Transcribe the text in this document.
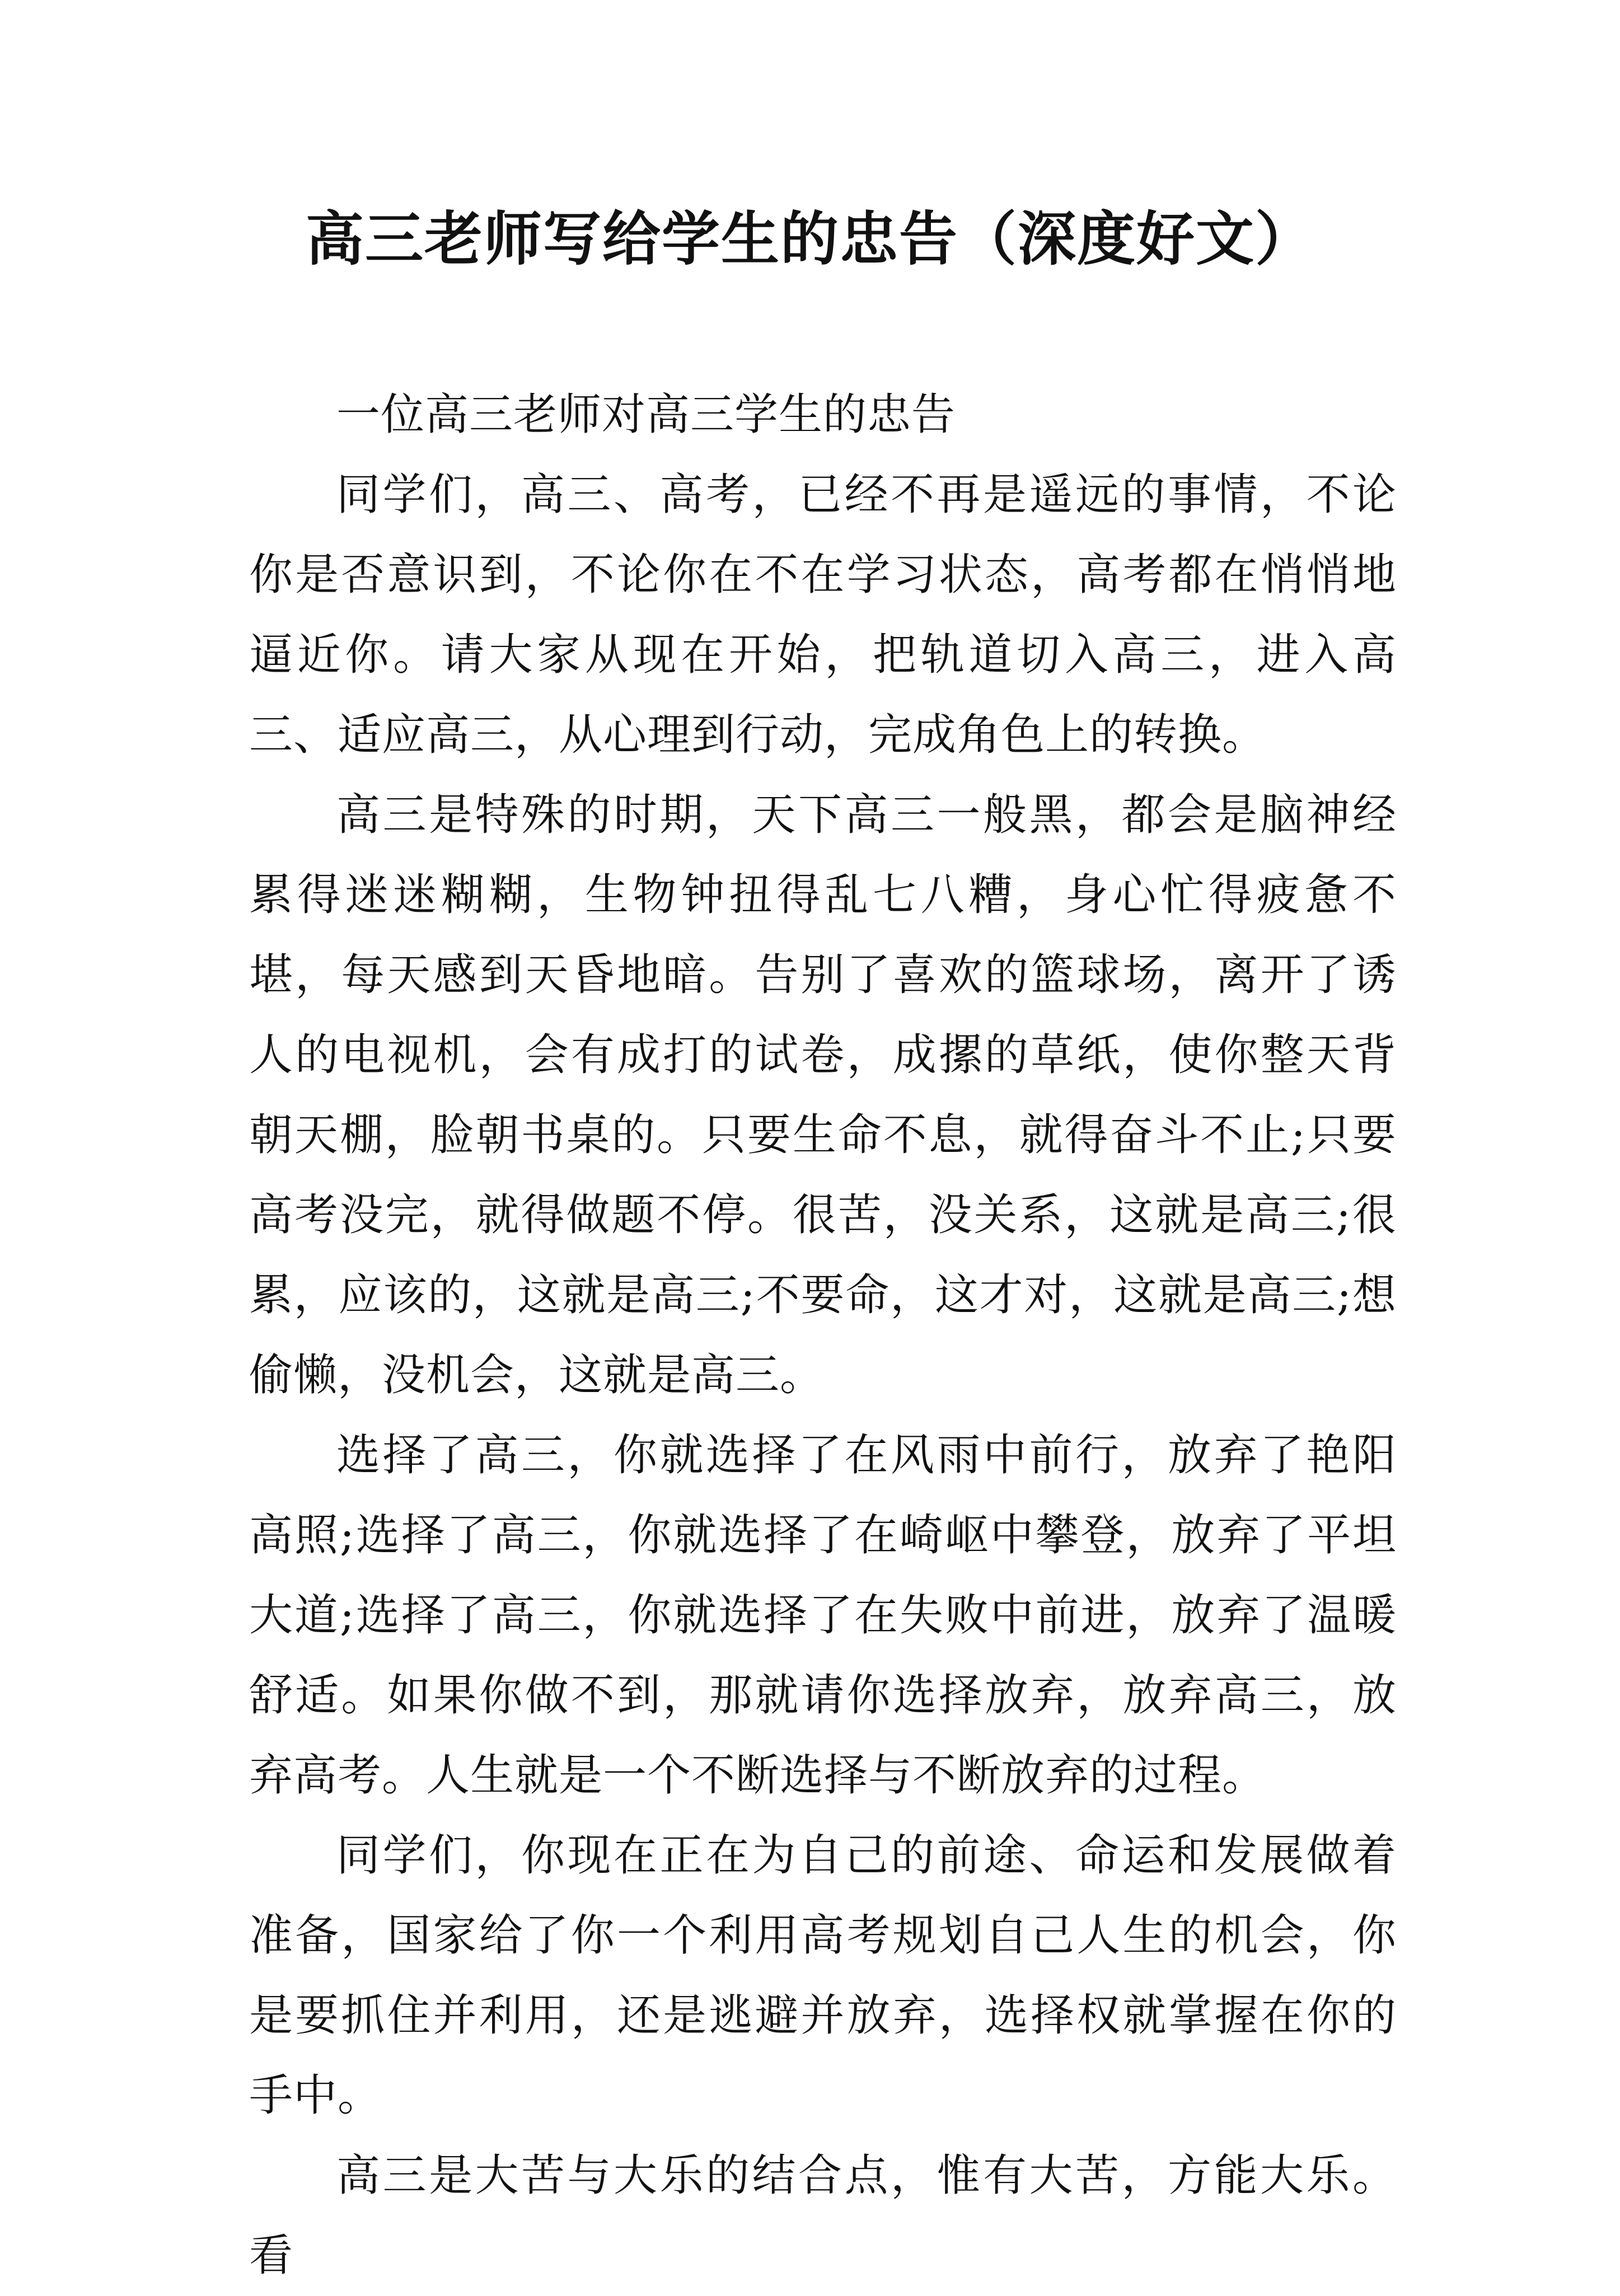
高三老师写给学生的忠告（深度好文）

一位高三老师对高三学生的忠告

同学们，高三、高考，已经不再是遥远的事情，不论你是否意识到，不论你在不在学习状态，高考都在悄悄地逼近你。请大家从现在开始，把轨道切入高三，进入高三、适应高三，从心理到行动，完成角色上的转换。

高三是特殊的时期，天下高三一般黑，都会是脑神经累得迷迷糊糊，生物钟扭得乱七八糟，身心忙得疲惫不堪，每天感到天昏地暗。告别了喜欢的篮球场，离开了诱人的电视机，会有成打的试卷，成摞的草纸，使你整天背朝天棚，脸朝书桌的。只要生命不息，就得奋斗不止;只要高考没完，就得做题不停。很苦，没关系，这就是高三;很累，应该的，这就是高三;不要命，这才对，这就是高三;想偷懒，没机会，这就是高三。

选择了高三，你就选择了在风雨中前行，放弃了艳阳高照;选择了高三，你就选择了在崎岖中攀登，放弃了平坦大道;选择了高三，你就选择了在失败中前进，放弃了温暖舒适。如果你做不到，那就请你选择放弃，放弃高三，放弃高考。人生就是一个不断选择与不断放弃的过程。

同学们，你现在正在为自己的前途、命运和发展做着准备，国家给了你一个利用高考规划自己人生的机会，你是要抓住并利用，还是逃避并放弃，选择权就掌握在你的手中。

高三是大苦与大乐的结合点，惟有大苦，方能大乐。看
